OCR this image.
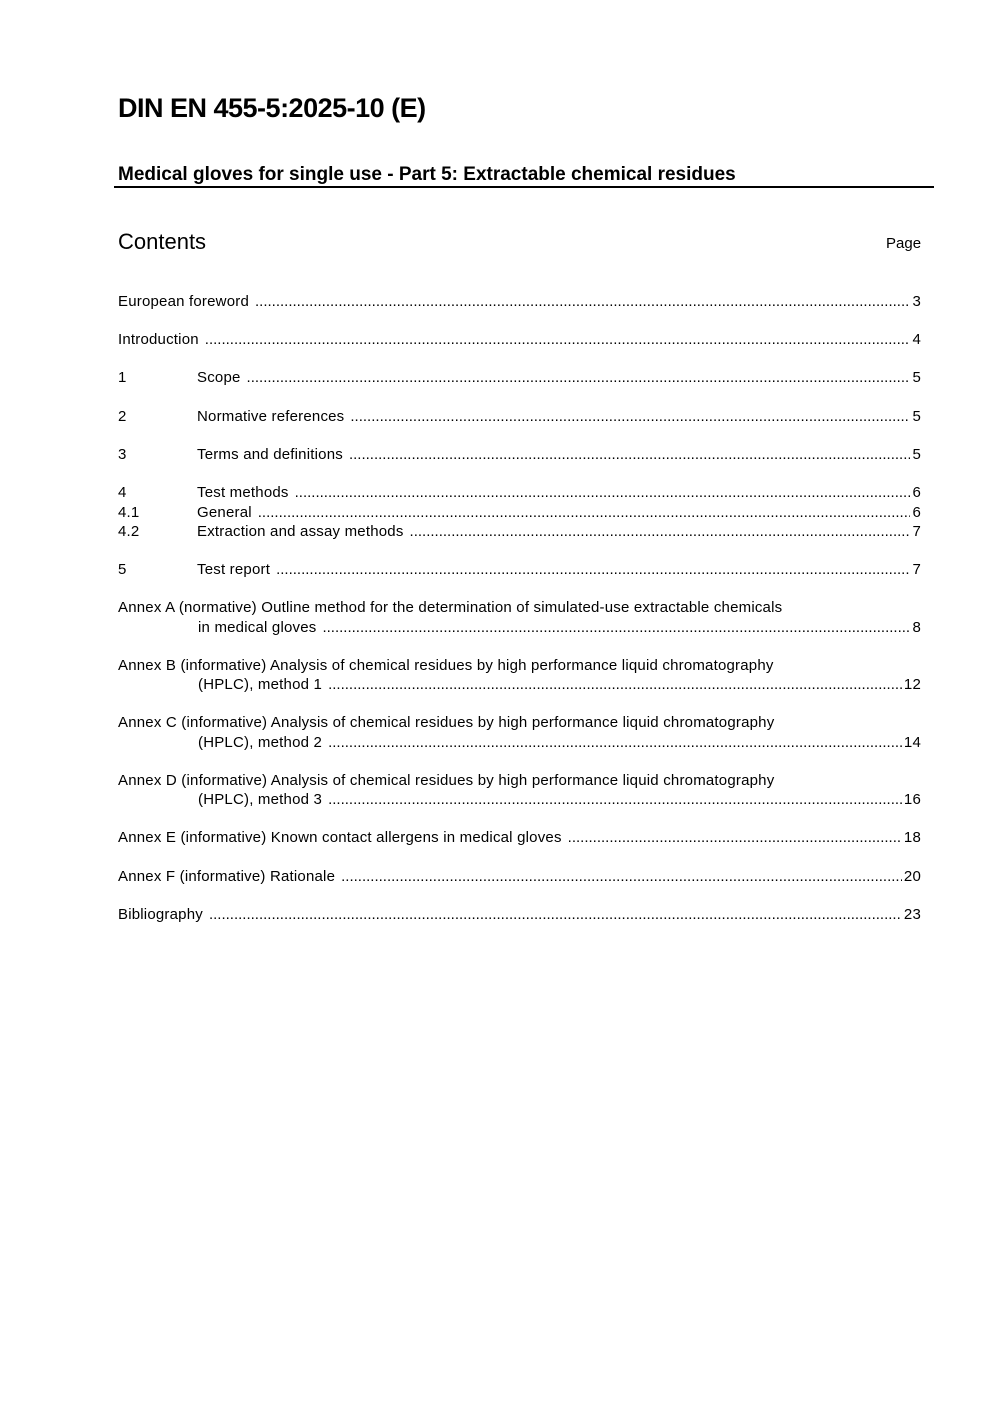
DIN EN 455-5:2025-10 (E)
Medical gloves for single use - Part 5: Extractable chemical residues
Contents	Page
European foreword .....	3
Introduction .....	4
1	Scope .....	5
2	Normative references .....	5
3	Terms and definitions .....	5
4	Test methods .....	6
4.1	General .....	6
4.2	Extraction and assay methods .....	7
5	Test report .....	7
Annex A (normative) Outline method for the determination of simulated-use extractable chemicals
in medical gloves .....	8
Annex B (informative) Analysis of chemical residues by high performance liquid chromatography
(HPLC), method 1 .....	12
Annex C (informative) Analysis of chemical residues by high performance liquid chromatography
(HPLC), method 2 .....	14
Annex D (informative) Analysis of chemical residues by high performance liquid chromatography
(HPLC), method 3 .....	16
Annex E (informative) Known contact allergens in medical gloves .....	18
Annex F (informative) Rationale .....	20
Bibliography .....	23
